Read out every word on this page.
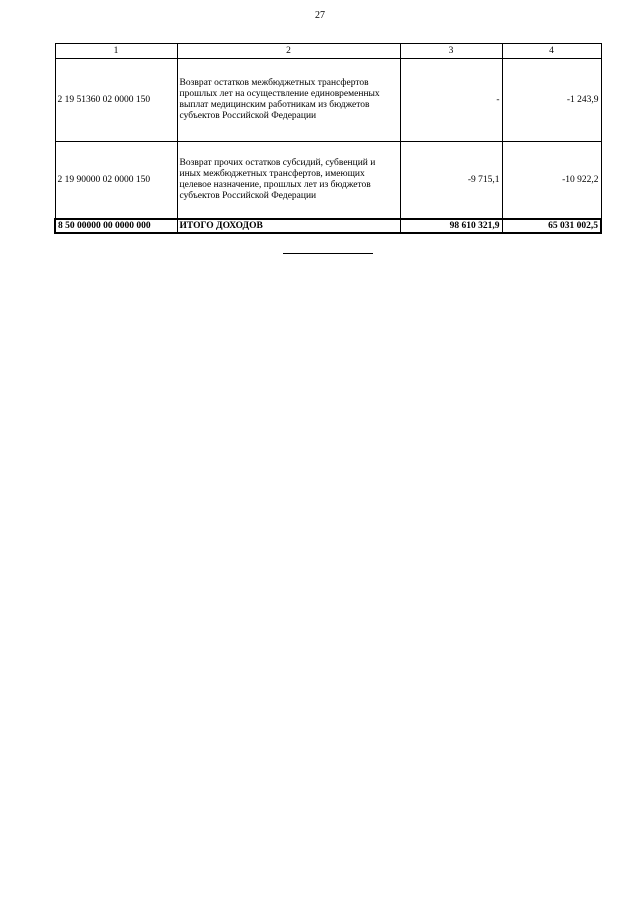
27
1	2	3	4
2 19 51360 02 0000 150	Возврат остатков межбюджетных трансфертов прошлых лет на осуществление единовременных выплат медицинским работникам из бюджетов субъектов Российской Федерации	-	-1 243,9
2 19 90000 02 0000 150	Возврат прочих остатков субсидий, субвенций и иных межбюджетных трансфертов, имеющих целевое назначение, прошлых лет из бюджетов субъектов Российской Федерации	-9 715,1	-10 922,2
8 50 00000 00 0000 000	ИТОГО ДОХОДОВ	98 610 321,9	65 031 002,5
